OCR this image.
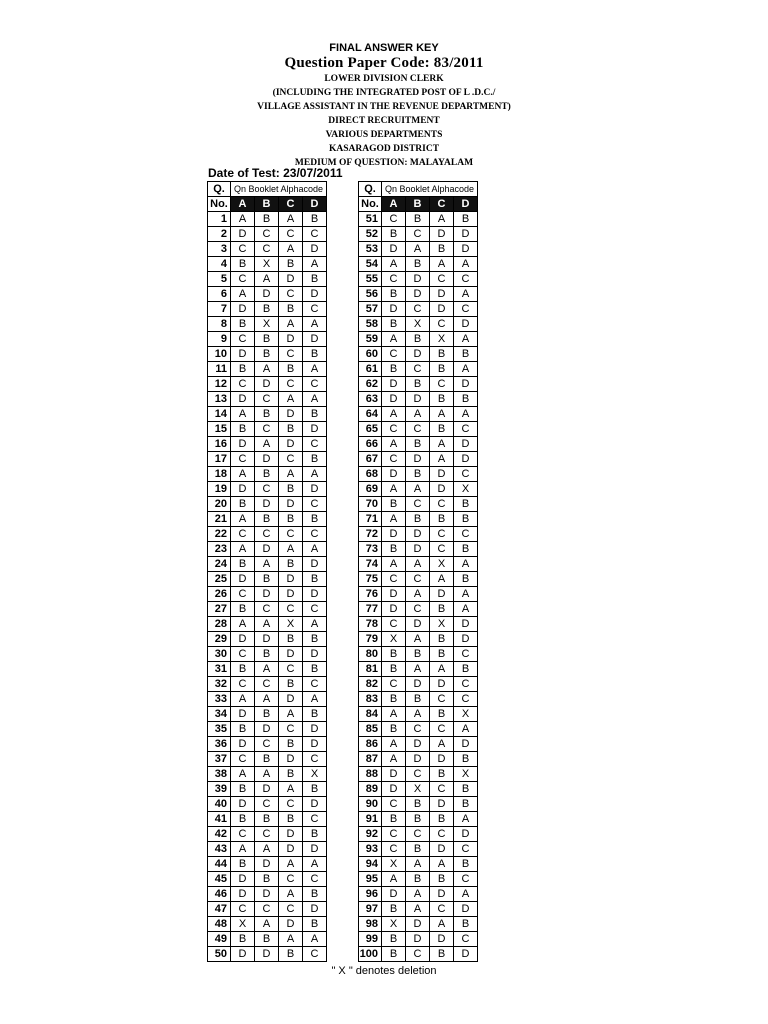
FINAL ANSWER KEY
Question Paper Code: 83/2011
LOWER DIVISION CLERK
(INCLUDING THE INTEGRATED POST OF L .D.C./
VILLAGE ASSISTANT IN THE REVENUE DEPARTMENT)
DIRECT RECRUITMENT
VARIOUS DEPARTMENTS
KASARAGOD DISTRICT
MEDIUM OF QUESTION: MALAYALAM
Date of Test: 23/07/2011
Q.	Qn Booklet Alphacode			
No.	A	B	C	D
1	A	B	A	B
2	D	C	C	C
3	C	C	A	D
4	B	X	B	A
5	C	A	D	B
6	A	D	C	D
7	D	B	B	C
8	B	X	A	A
9	C	B	D	D
10	D	B	C	B
11	B	A	B	A
12	C	D	C	C
13	D	C	A	A
14	A	B	D	B
15	B	C	B	D
16	D	A	D	C
17	C	D	C	B
18	A	B	A	A
19	D	C	B	D
20	B	D	D	C
21	A	B	B	B
22	C	C	C	C
23	A	D	A	A
24	B	A	B	D
25	D	B	D	B
26	C	D	D	D
27	B	C	C	C
28	A	A	X	A
29	D	D	B	B
30	C	B	D	D
31	B	A	C	B
32	C	C	B	C
33	A	A	D	A
34	D	B	A	B
35	B	D	C	D
36	D	C	B	D
37	C	B	D	C
38	A	A	B	X
39	B	D	A	B
40	D	C	C	D
41	B	B	B	C
42	C	C	D	B
43	A	A	D	D
44	B	D	A	A
45	D	B	C	C
46	D	D	A	B
47	C	C	C	D
48	X	A	D	B
49	B	B	A	A
50	D	D	B	C
Q.	Qn Booklet Alphacode			
No.	A	B	C	D
51	C	B	A	B
52	B	C	D	D
53	D	A	B	D
54	A	B	A	A
55	C	D	C	C
56	B	D	D	A
57	D	C	D	C
58	B	X	C	D
59	A	B	X	A
60	C	D	B	B
61	B	C	B	A
62	D	B	C	D
63	D	D	B	B
64	A	A	A	A
65	C	C	B	C
66	A	B	A	D
67	C	D	A	D
68	D	B	D	C
69	A	A	D	X
70	B	C	C	B
71	A	B	B	B
72	D	D	C	C
73	B	D	C	B
74	A	A	X	A
75	C	C	A	B
76	D	A	D	A
77	D	C	B	A
78	C	D	X	D
79	X	A	B	D
80	B	B	B	C
81	B	A	A	B
82	C	D	D	C
83	B	B	C	C
84	A	A	B	X
85	B	C	C	A
86	A	D	A	D
87	A	D	D	B
88	D	C	B	X
89	D	X	C	B
90	C	B	D	B
91	B	B	B	A
92	C	C	C	D
93	C	B	D	C
94	X	A	A	B
95	A	B	B	C
96	D	A	D	A
97	B	A	C	D
98	X	D	A	B
99	B	D	D	C
100	B	C	B	D
" X " denotes deletion
